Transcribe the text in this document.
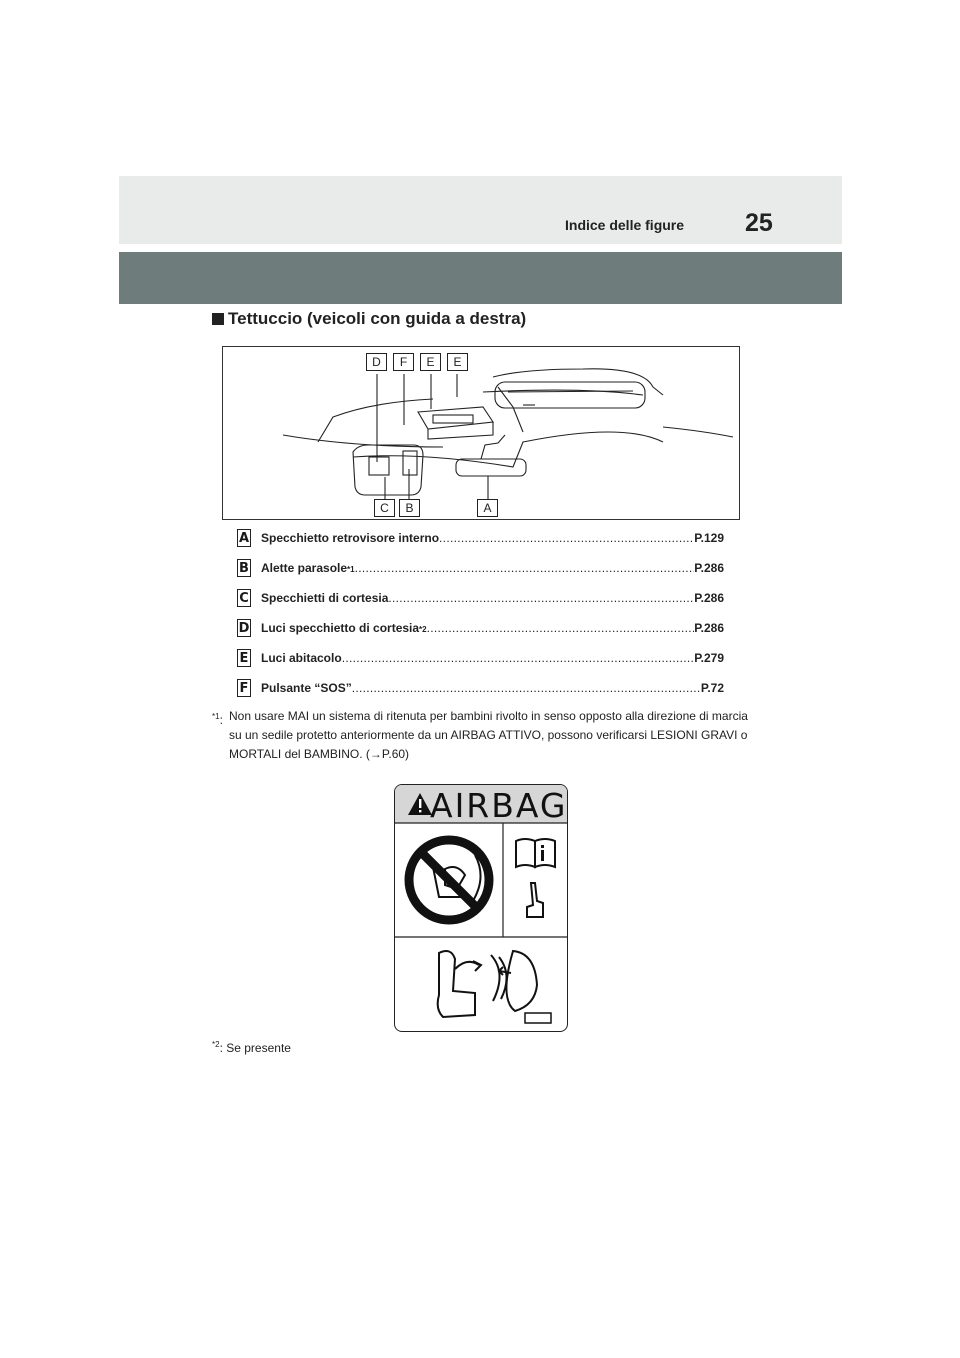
Indice delle figure	25
Tettuccio (veicoli con guida a destra)
D	F	E	E
C	B	A
A Specchietto retrovisore interno .....	P.129
B Alette parasole *1 .....	P.286
C Specchietti di cortesia .....	P.286
D Luci specchietto di cortesia *2 .....	P.286
E Luci abitacolo .....	P.279
F Pulsante “SOS” .....	P.72
$^{*1}$: Non usare MAI un sistema di ritenuta per bambini rivolto in senso opposto alla direzione di marcia su un sedile protetto anteriormente da un AIRBAG ATTIVO, possono verificarsi LESIONI GRAVI o MORTALI del BAMBINO. (→P.60)
AIRBAG
$^{*2}$: Se presente
